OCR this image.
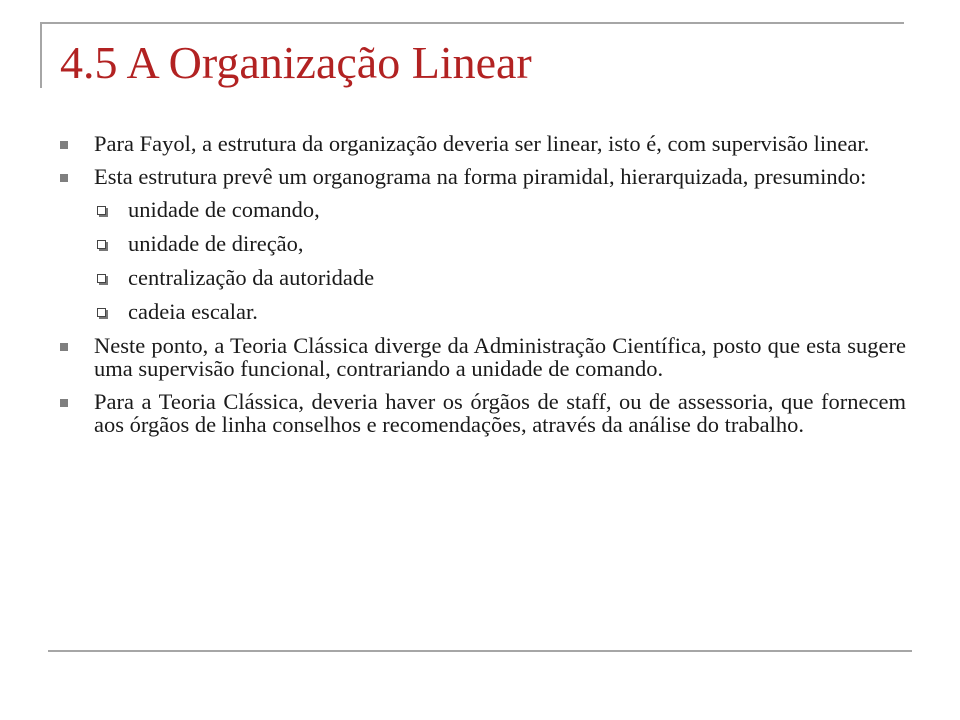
4.5 A Organização Linear
Para Fayol, a estrutura da organização deveria ser linear, isto é, com supervisão linear.
Esta estrutura prevê um organograma na forma piramidal, hierarquizada, presumindo:
unidade de comando,
unidade de direção,
centralização da autoridade
cadeia escalar.
Neste ponto, a Teoria Clássica diverge da Administração Científica, posto que esta sugere uma supervisão funcional, contrariando a unidade de comando.
Para a Teoria Clássica, deveria haver os órgãos de staff, ou de assessoria, que fornecem aos órgãos de linha conselhos e recomendações, através da análise do trabalho.
